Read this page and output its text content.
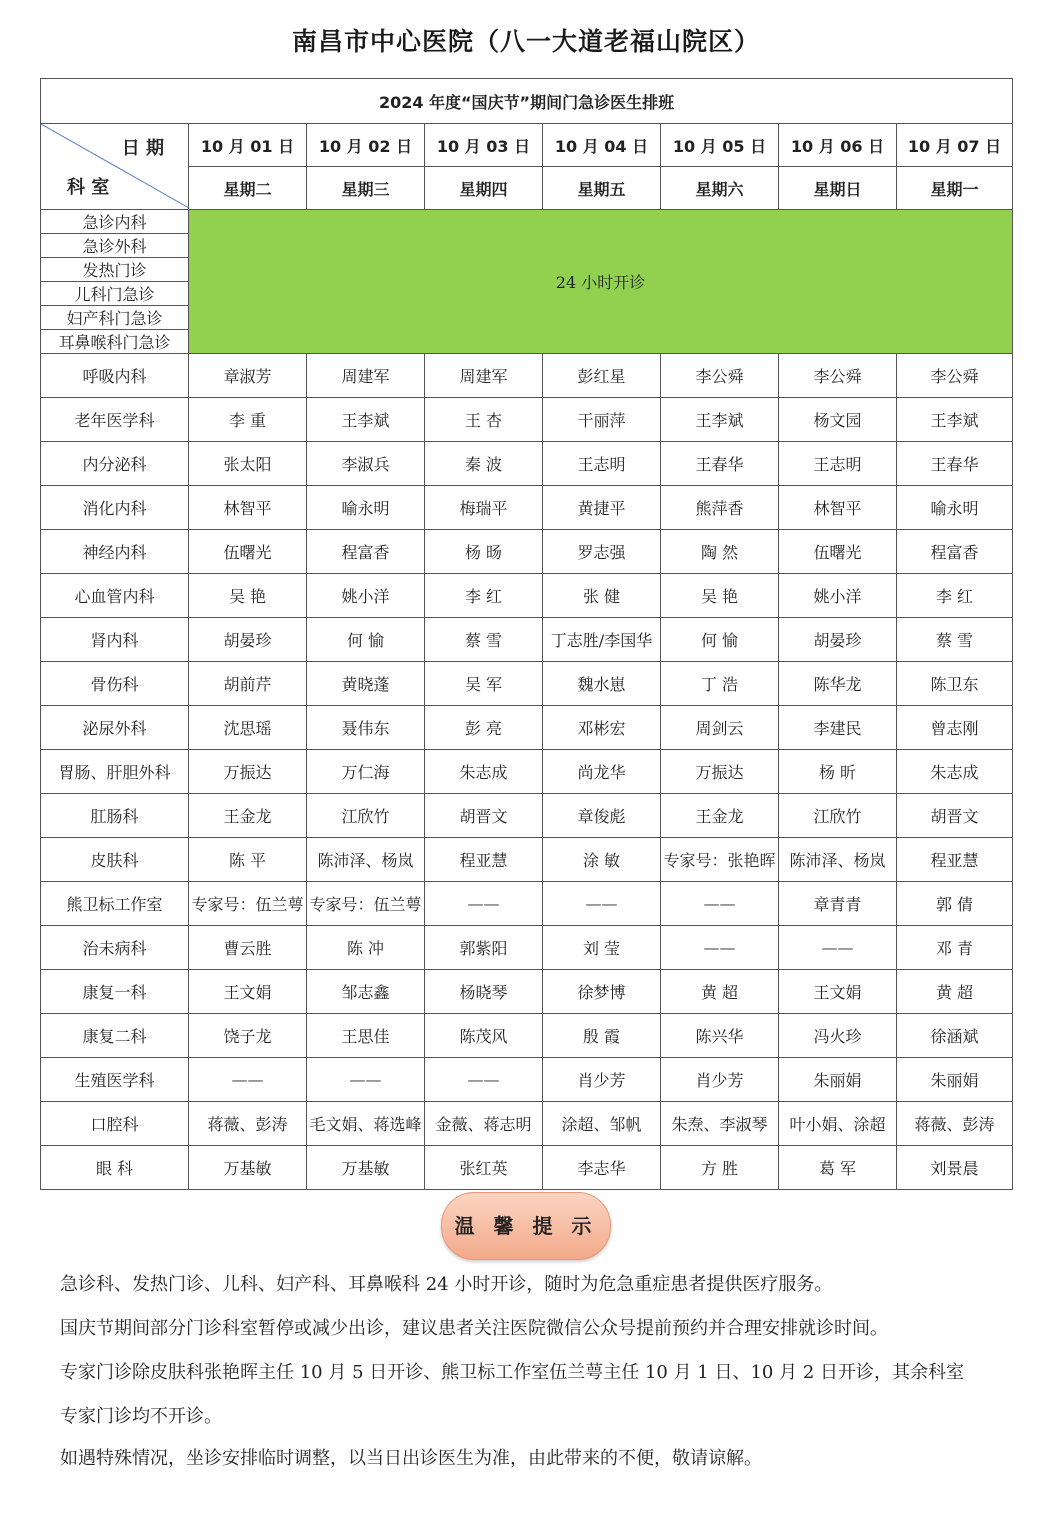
南昌市中心医院（八一大道老福山院区）
2024 年度“国庆节”期间门急诊医生排班							

日 期
科 室	10 月 01 日	10 月 02 日	10 月 03 日	10 月 04 日	10 月 05 日	10 月 06 日	10 月 07 日
	星期二	星期三	星期四	星期五	星期六	星期日	星期一
急诊内科	24 小时开诊						
急诊外科							
发热门诊							
儿科门急诊							
妇产科门急诊							
耳鼻喉科门急诊							
呼吸内科	章淑芳	周建军	周建军	彭红星	李公舜	李公舜	李公舜
老年医学科	李 重	王李斌	王 杏	干丽萍	王李斌	杨文园	王李斌
内分泌科	张太阳	李淑兵	秦 波	王志明	王春华	王志明	王春华
消化内科	林智平	喻永明	梅瑞平	黄捷平	熊萍香	林智平	喻永明
神经内科	伍曙光	程富香	杨 旸	罗志强	陶 然	伍曙光	程富香
心血管内科	吴 艳	姚小洋	李 红	张 健	吴 艳	姚小洋	李 红
肾内科	胡晏珍	何 愉	蔡 雪	丁志胜/李国华	何 愉	胡晏珍	蔡 雪
骨伤科	胡前芹	黄晓蓬	吴 军	魏水崽	丁 浩	陈华龙	陈卫东
泌尿外科	沈思瑶	聂伟东	彭 亮	邓彬宏	周剑云	李建民	曾志刚
胃肠、肝胆外科	万振达	万仁海	朱志成	尚龙华	万振达	杨 昕	朱志成
肛肠科	王金龙	江欣竹	胡晋文	章俊彪	王金龙	江欣竹	胡晋文
皮肤科	陈 平	陈沛泽、杨岚	程亚慧	涂 敏	专家号：张艳晖	陈沛泽、杨岚	程亚慧
熊卫标工作室	专家号：伍兰萼	专家号：伍兰萼	——	——	——	章青青	郭 倩
治未病科	曹云胜	陈 冲	郭紫阳	刘 莹	——	——	邓 青
康复一科	王文娟	邹志鑫	杨晓琴	徐梦博	黄 超	王文娟	黄 超
康复二科	饶子龙	王思佳	陈茂风	殷 霞	陈兴华	冯火珍	徐涵斌
生殖医学科	——	——	——	肖少芳	肖少芳	朱丽娟	朱丽娟
口腔科	蒋薇、彭涛	毛文娟、蒋选峰	金薇、蒋志明	涂超、邹帆	朱焘、李淑琴	叶小娟、涂超	蒋薇、彭涛
眼 科	万基敏	万基敏	张红英	李志华	方 胜	葛 军	刘景晨
温 馨 提 示
急诊科、发热门诊、儿科、妇产科、耳鼻喉科 24 小时开诊，随时为危急重症患者提供医疗服务。
国庆节期间部分门诊科室暂停或减少出诊，建议患者关注医院微信公众号提前预约并合理安排就诊时间。
专家门诊除皮肤科张艳晖主任 10 月 5 日开诊、熊卫标工作室伍兰萼主任 10 月 1 日、10 月 2 日开诊，其余科室
专家门诊均不开诊。
如遇特殊情况，坐诊安排临时调整，以当日出诊医生为准，由此带来的不便，敬请谅解。
